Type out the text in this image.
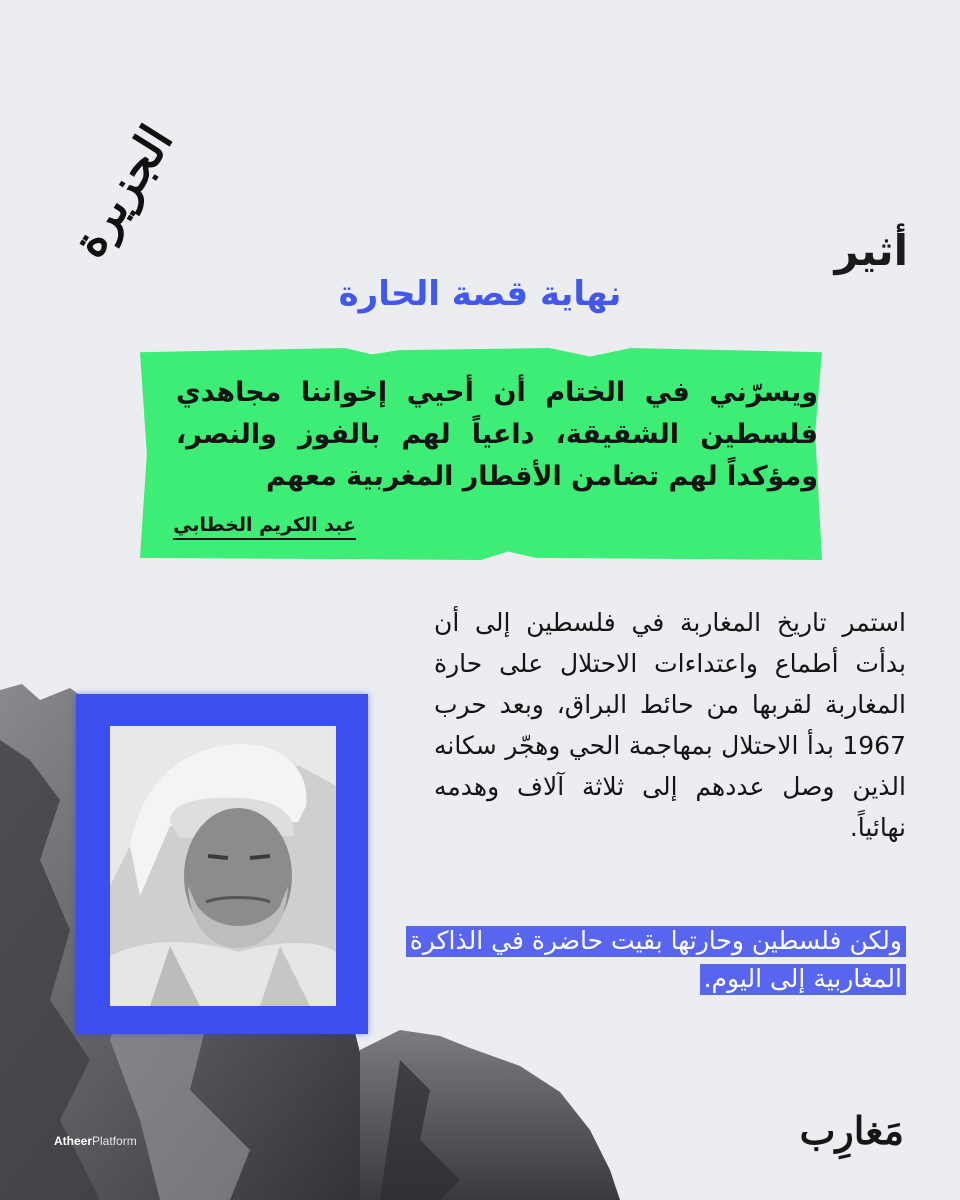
الجزيرة	أثير
نهاية قصة الحارة
ويسرّني في الختام أن أحيي إخواننا مجاهدي فلسطين الشقيقة، داعياً لهم بالفوز والنصر، ومؤكداً لهم تضامن الأقطار المغربية معهم
عبد الكريم الخطابي
استمر تاريخ المغاربة في فلسطين إلى أن بدأت أطماع واعتداءات الاحتلال على حارة المغاربة لقربها من حائط البراق، وبعد حرب 1967 بدأ الاحتلال بمهاجمة الحي وهجّر سكانه الذين وصل عددهم إلى ثلاثة آلاف وهدمه نهائياً.
ولكن فلسطين وحارتها بقيت حاضرة في الذاكرة المغاربية إلى اليوم.
مَغارِب
AtheerPlatform
